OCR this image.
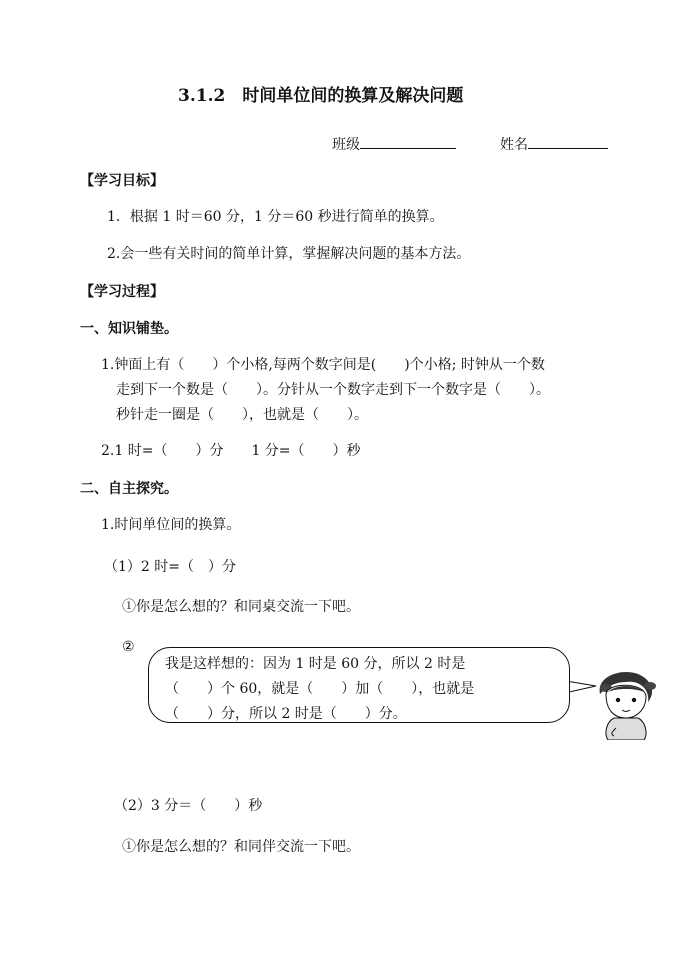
3.1.2　时间单位间的换算及解决问题
班级	姓名
【学习目标】
1．根据 1 时＝60 分，1 分＝60 秒进行简单的换算。
2.会一些有关时间的简单计算，掌握解决问题的基本方法。
【学习过程】
一、知识铺垫。
1.钟面上有（　　）个小格,每两个数字间是(　　)个小格; 时钟从一个数
走到下一个数是（　　）。分针从一个数字走到下一个数字是（　　）。
秒针走一圈是（　　），也就是（　　）。
2.1 时=（　　）分　　1 分=（　　）秒
二、自主探究。
1.时间单位间的换算。
（1）2 时=（　）分
①你是怎么想的？和同桌交流一下吧。
②
我是这样想的：因为 1 时是 60 分，所以 2 时是
（　　）个 60，就是（　　）加（　　），也就是
（　　）分，所以 2 时是（　　）分。
（2）3 分＝（　　）秒
①你是怎么想的？和同伴交流一下吧。
